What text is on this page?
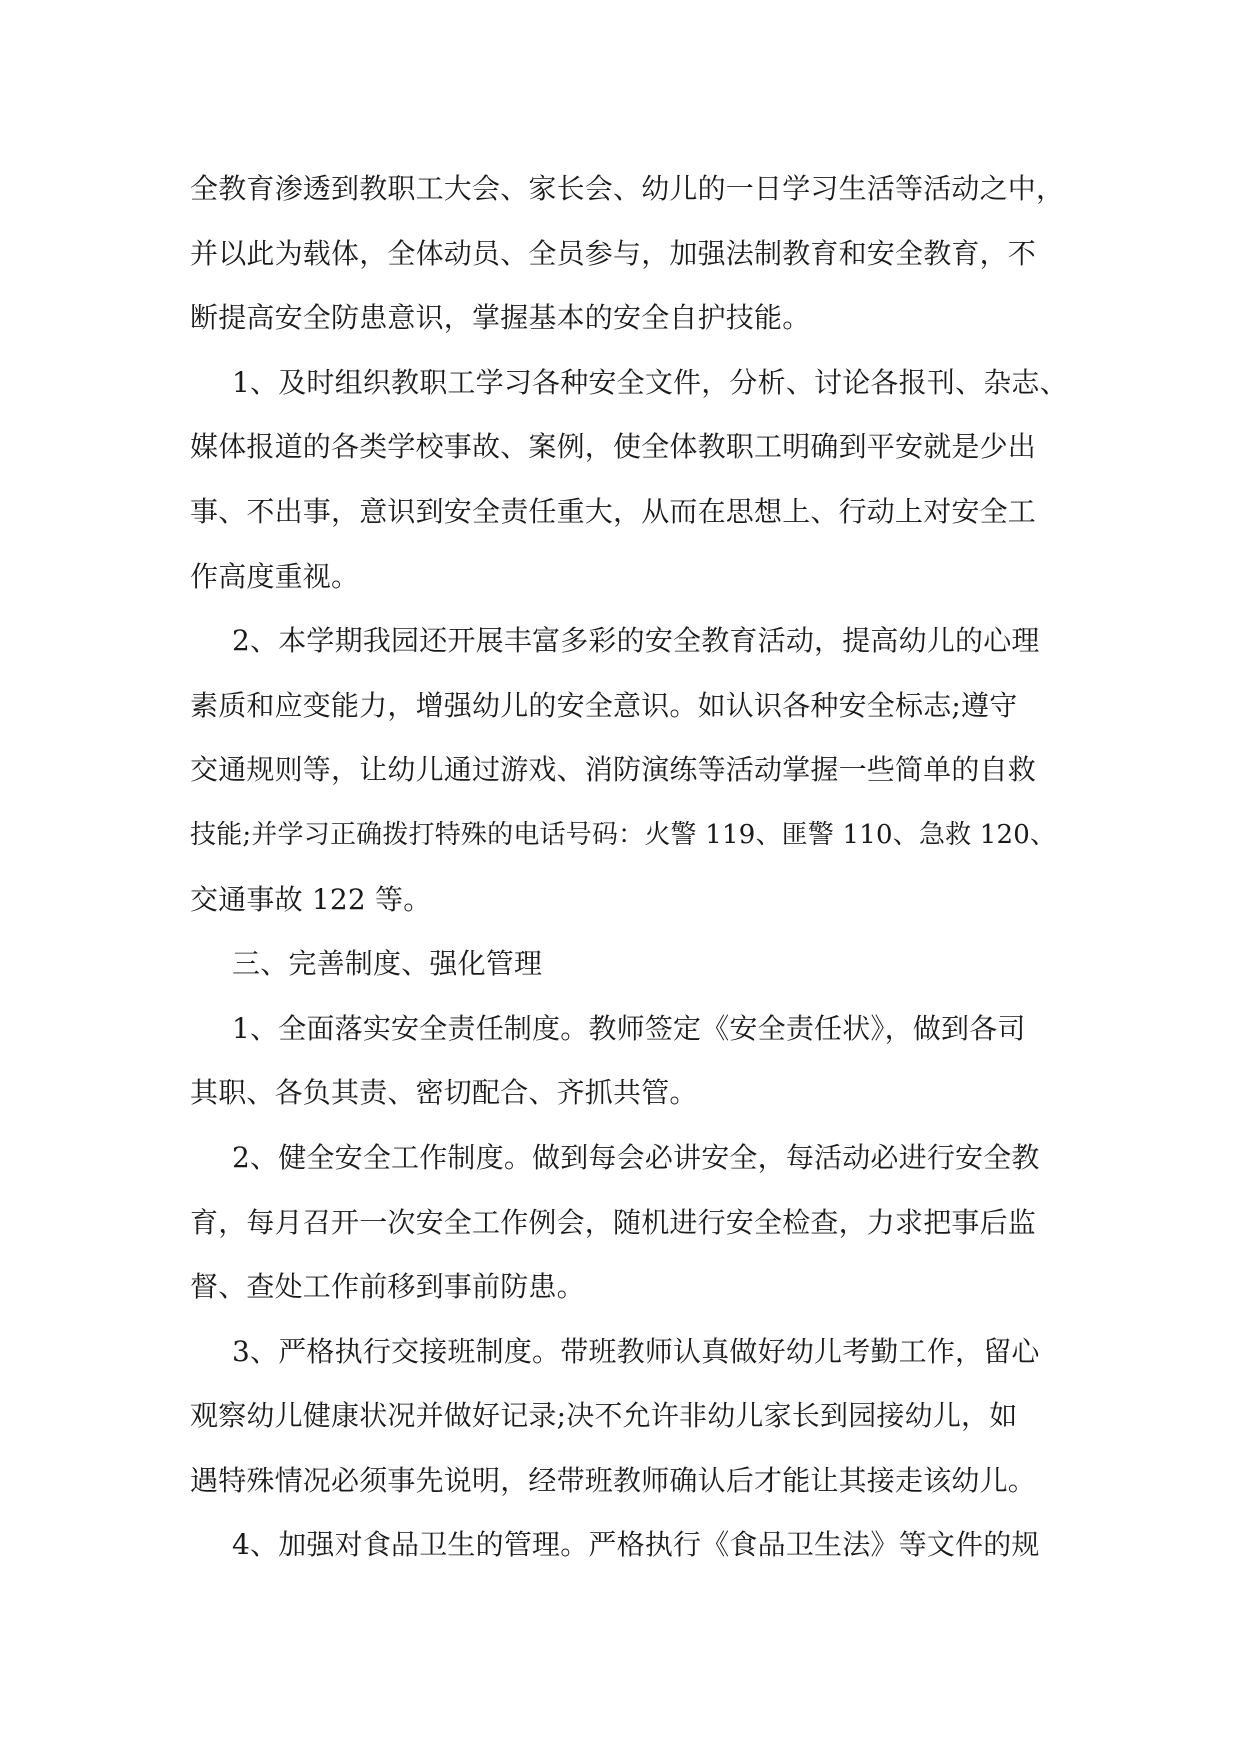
全教育渗透到教职工大会、家长会、幼儿的一日学习生活等活动之中，
并以此为载体，全体动员、全员参与，加强法制教育和安全教育，不
断提高安全防患意识，掌握基本的安全自护技能。
1、及时组织教职工学习各种安全文件，分析、讨论各报刊、杂志、
媒体报道的各类学校事故、案例，使全体教职工明确到平安就是少出
事、不出事，意识到安全责任重大，从而在思想上、行动上对安全工
作高度重视。
2、本学期我园还开展丰富多彩的安全教育活动，提高幼儿的心理
素质和应变能力，增强幼儿的安全意识。如认识各种安全标志;遵守
交通规则等，让幼儿通过游戏、消防演练等活动掌握一些简单的自救
技能;并学习正确拨打特殊的电话号码：火警 119、匪警 110、急救 120、
交通事故 122 等。
三、完善制度、强化管理
1、全面落实安全责任制度。教师签定《安全责任状》，做到各司
其职、各负其责、密切配合、齐抓共管。
2、健全安全工作制度。做到每会必讲安全，每活动必进行安全教
育，每月召开一次安全工作例会，随机进行安全检查，力求把事后监
督、查处工作前移到事前防患。
3、严格执行交接班制度。带班教师认真做好幼儿考勤工作，留心
观察幼儿健康状况并做好记录;决不允许非幼儿家长到园接幼儿，如
遇特殊情况必须事先说明，经带班教师确认后才能让其接走该幼儿。
4、加强对食品卫生的管理。严格执行《食品卫生法》等文件的规
